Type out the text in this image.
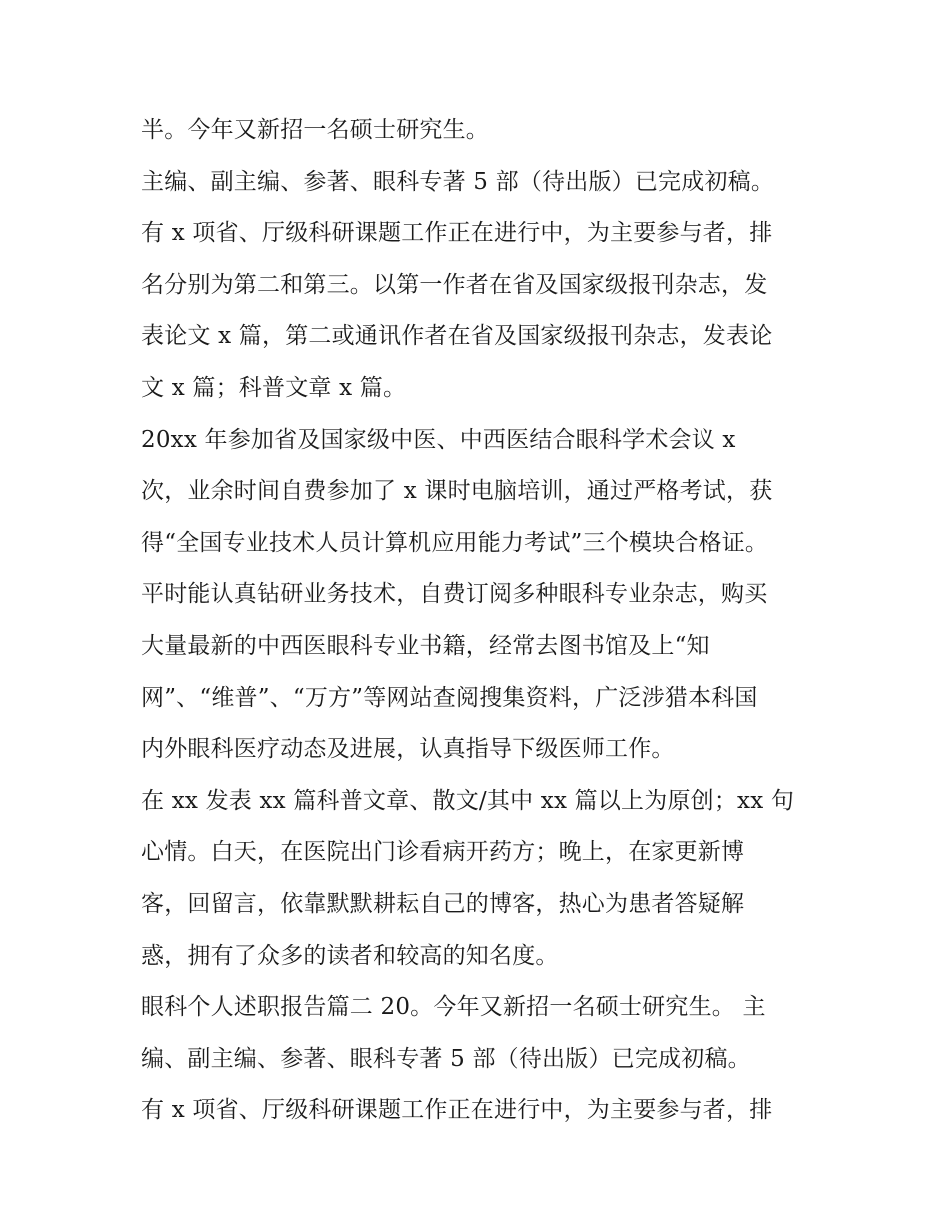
半。今年又新招一名硕士研究生。
主编、副主编、参著、眼科专著 5 部（待出版）已完成初稿。
有 x 项省、厅级科研课题工作正在进行中，为主要参与者，排
名分别为第二和第三。以第一作者在省及国家级报刊杂志，发
表论文 x 篇，第二或通讯作者在省及国家级报刊杂志，发表论
文 x 篇；科普文章 x 篇。
20xx 年参加省及国家级中医、中西医结合眼科学术会议 x
次，业余时间自费参加了 x 课时电脑培训，通过严格考试，获
得“全国专业技术人员计算机应用能力考试”三个模块合格证。
平时能认真钻研业务技术，自费订阅多种眼科专业杂志，购买
大量最新的中西医眼科专业书籍，经常去图书馆及上“知
网”、“维普”、“万方”等网站查阅搜集资料，广泛涉猎本科国
内外眼科医疗动态及进展，认真指导下级医师工作。
在 xx 发表 xx 篇科普文章、散文/其中 xx 篇以上为原创；xx 句
心情。白天，在医院出门诊看病开药方；晚上，在家更新博
客，回留言，依靠默默耕耘自己的博客，热心为患者答疑解
惑，拥有了众多的读者和较高的知名度。
眼科个人述职报告篇二 20。今年又新招一名硕士研究生。 主
编、副主编、参著、眼科专著 5 部（待出版）已完成初稿。
有 x 项省、厅级科研课题工作正在进行中，为主要参与者，排
